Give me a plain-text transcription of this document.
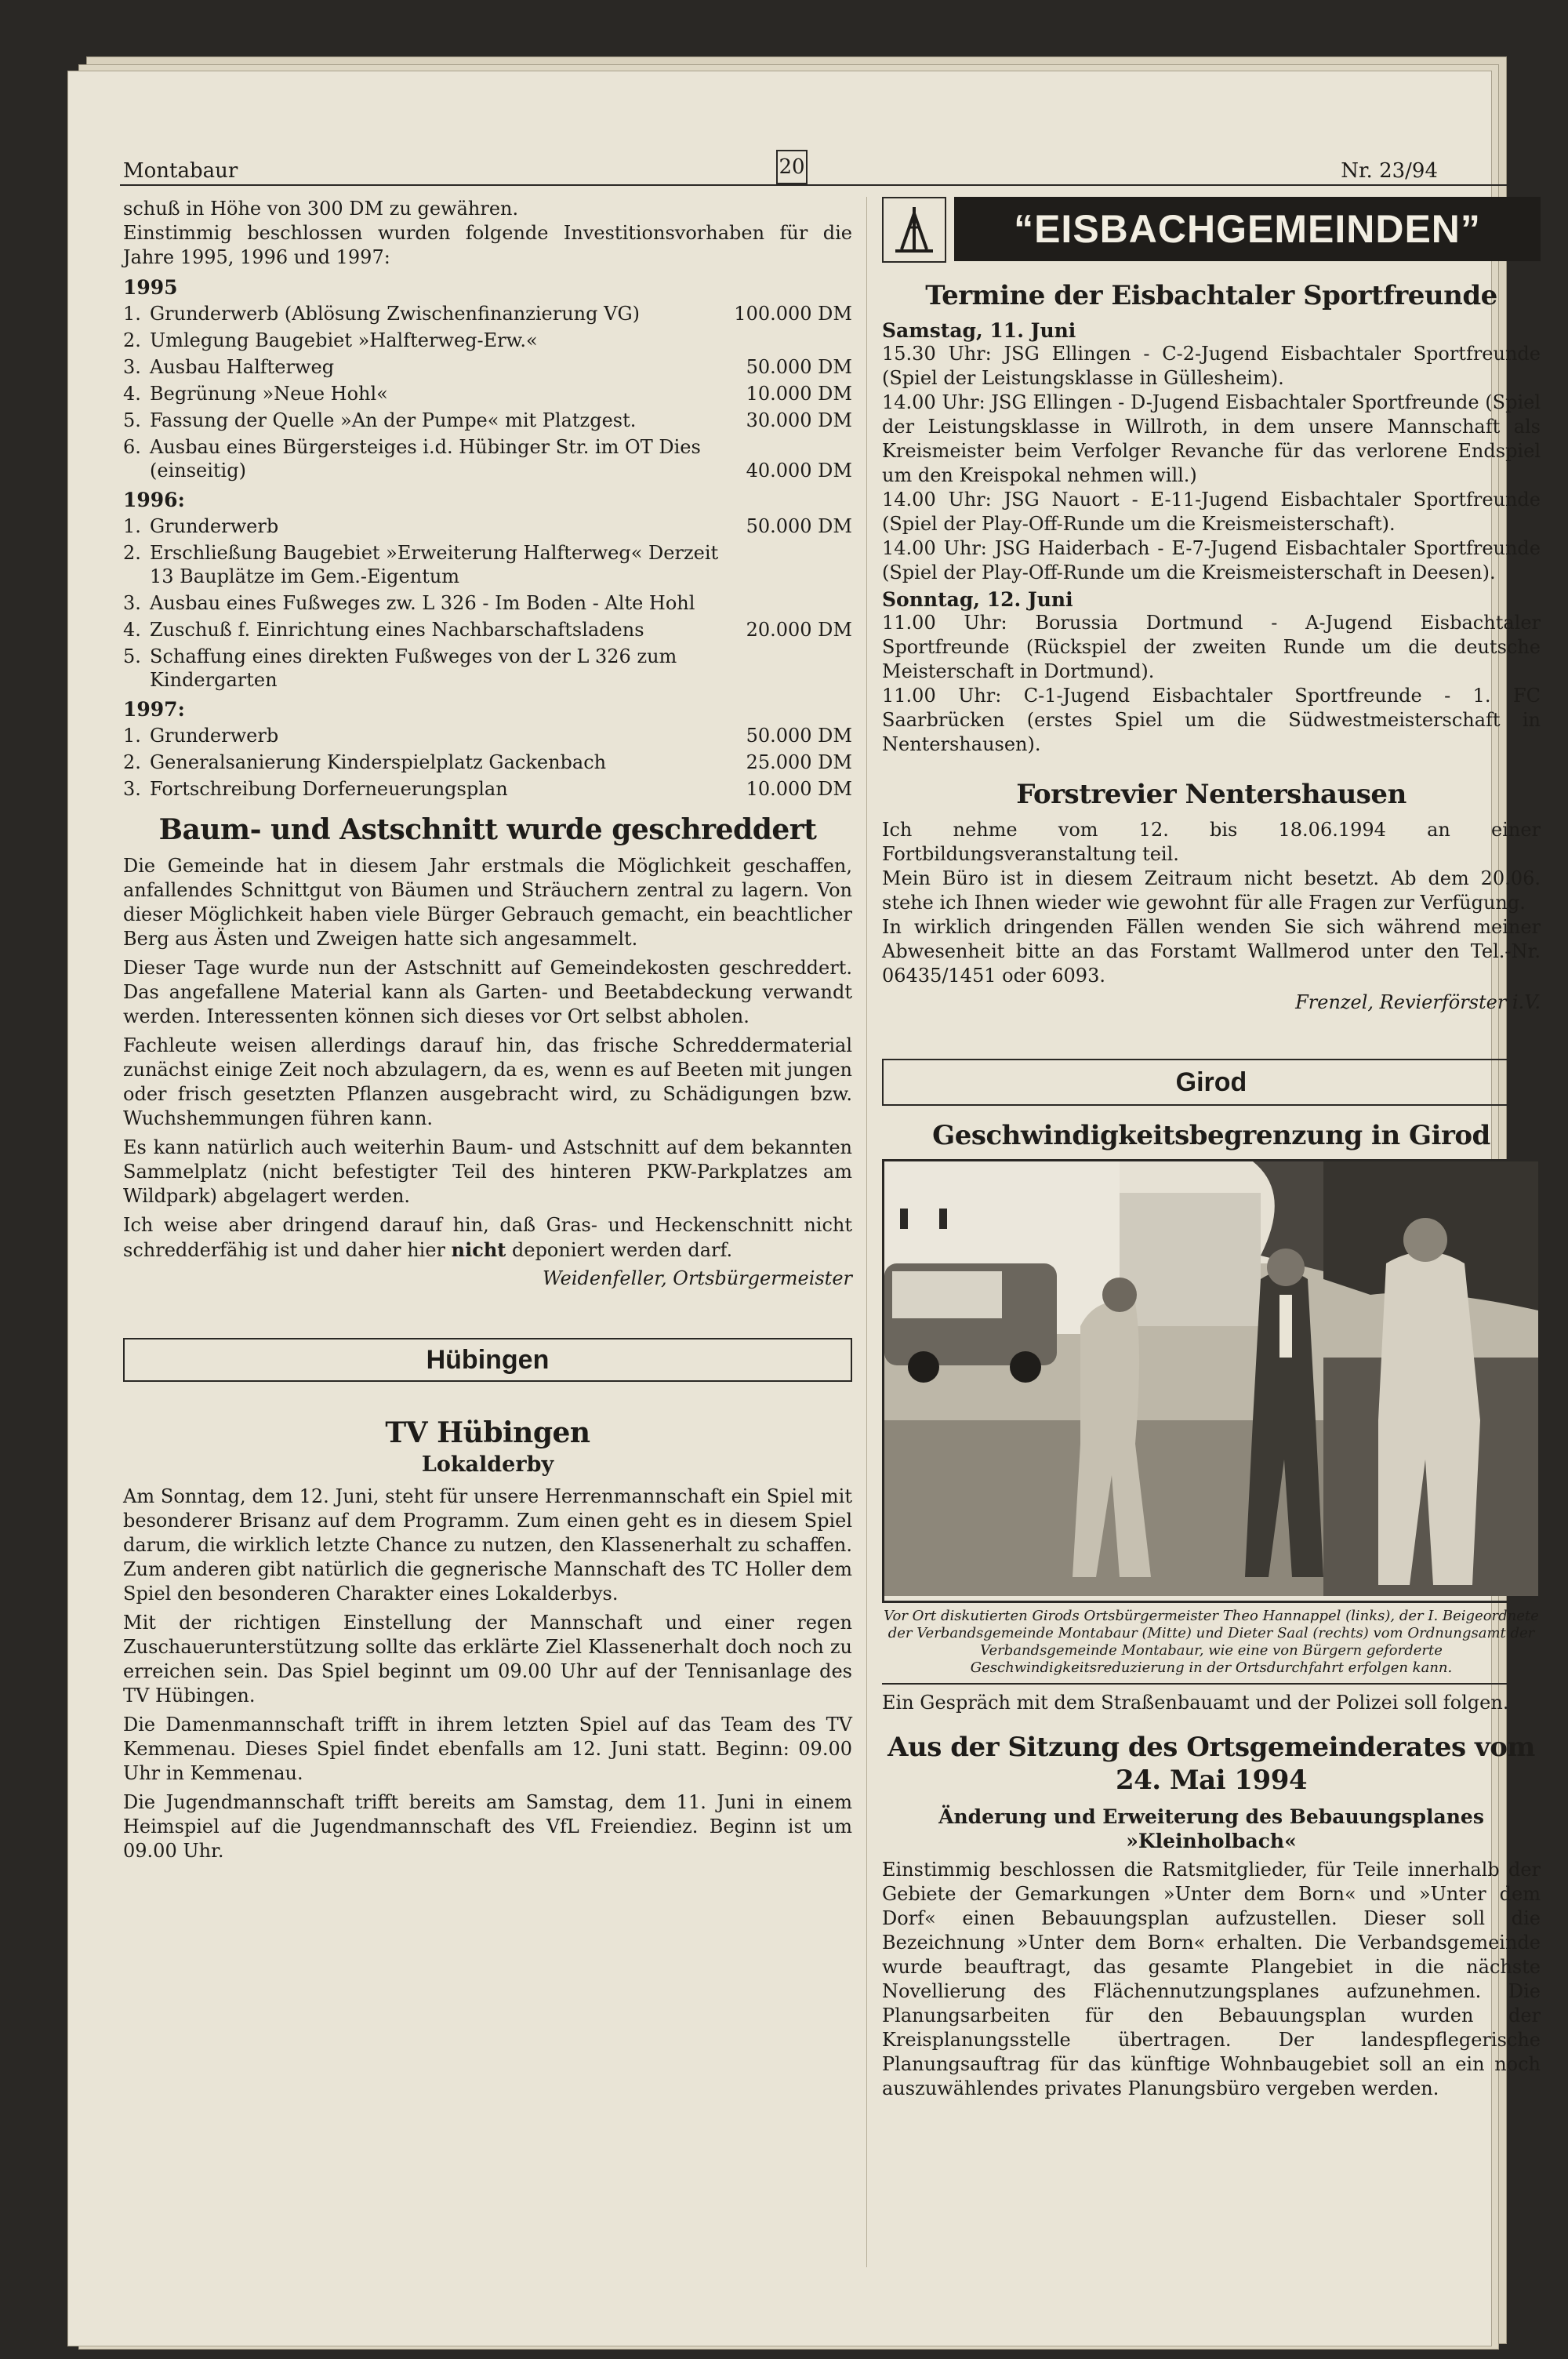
Montabaur	20	Nr. 23/94
schuß in Höhe von 300 DM zu gewähren.
Einstimmig beschlossen wurden folgende Investitionsvorhaben für die Jahre 1995, 1996 und 1997:
1995
1. Grunderwerb (Ablösung Zwischenfinanzierung VG)	100.000 DM
2. Umlegung Baugebiet »Halfterweg-Erw.«
3. Ausbau Halfterweg	50.000 DM
4. Begrünung »Neue Hohl«	10.000 DM
5. Fassung der Quelle »An der Pumpe« mit Platzgest.	30.000 DM
6. Ausbau eines Bürgersteiges i.d. Hübinger Str. im OT Dies (einseitig)	40.000 DM
1996:
1. Grunderwerb	50.000 DM
2. Erschließung Baugebiet »Erweiterung Halfterweg« Derzeit 13 Bauplätze im Gem.-Eigentum
3. Ausbau eines Fußweges zw. L 326 - Im Boden - Alte Hohl
4. Zuschuß f. Einrichtung eines Nachbarschaftsladens	20.000 DM
5. Schaffung eines direkten Fußweges von der L 326 zum Kindergarten
1997:
1. Grunderwerb	50.000 DM
2. Generalsanierung Kinderspielplatz Gackenbach	25.000 DM
3. Fortschreibung Dorferneuerungsplan	10.000 DM
Baum- und Astschnitt wurde geschreddert

Die Gemeinde hat in diesem Jahr erstmals die Möglichkeit geschaffen, anfallendes Schnittgut von Bäumen und Sträuchern zentral zu lagern. Von dieser Möglichkeit haben viele Bürger Gebrauch gemacht, ein beachtlicher Berg aus Ästen und Zweigen hatte sich angesammelt.

Dieser Tage wurde nun der Astschnitt auf Gemeindekosten geschreddert. Das angefallene Material kann als Garten- und Beetabdeckung verwandt werden. Interessenten können sich dieses vor Ort selbst abholen.

Fachleute weisen allerdings darauf hin, das frische Schreddermaterial zunächst einige Zeit noch abzulagern, da es, wenn es auf Beeten mit jungen oder frisch gesetzten Pflanzen ausgebracht wird, zu Schädigungen bzw. Wuchshemmungen führen kann.

Es kann natürlich auch weiterhin Baum- und Astschnitt auf dem bekannten Sammelplatz (nicht befestigter Teil des hinteren PKW-Parkplatzes am Wildpark) abgelagert werden.

Ich weise aber dringend darauf hin, daß Gras- und Heckenschnitt nicht schredderfähig ist und daher hier nicht deponiert werden darf.

Weidenfeller, Ortsbürgermeister
Hübingen
TV Hübingen
Lokalderby

Am Sonntag, dem 12. Juni, steht für unsere Herrenmannschaft ein Spiel mit besonderer Brisanz auf dem Programm. Zum einen geht es in diesem Spiel darum, die wirklich letzte Chance zu nutzen, den Klassenerhalt zu schaffen. Zum anderen gibt natürlich die gegnerische Mannschaft des TC Holler dem Spiel den besonderen Charakter eines Lokalderbys.

Mit der richtigen Einstellung der Mannschaft und einer regen Zuschauerunterstützung sollte das erklärte Ziel Klassenerhalt doch noch zu erreichen sein. Das Spiel beginnt um 09.00 Uhr auf der Tennisanlage des TV Hübingen.

Die Damenmannschaft trifft in ihrem letzten Spiel auf das Team des TV Kemmenau. Dieses Spiel findet ebenfalls am 12. Juni statt. Beginn: 09.00 Uhr in Kemmenau.

Die Jugendmannschaft trifft bereits am Samstag, dem 11. Juni in einem Heimspiel auf die Jugendmannschaft des VfL Freiendiez. Beginn ist um 09.00 Uhr.

“EISBACHGEMEINDEN”
Termine der Eisbachtaler Sportfreunde
Samstag, 11. Juni
15.30 Uhr: JSG Ellingen - C-2-Jugend Eisbachtaler Sportfreunde (Spiel der Leistungsklasse in Güllesheim).
14.00 Uhr: JSG Ellingen - D-Jugend Eisbachtaler Sportfreunde (Spiel der Leistungsklasse in Willroth, in dem unsere Mannschaft als Kreismeister beim Verfolger Revanche für das verlorene Endspiel um den Kreispokal nehmen will.)
14.00 Uhr: JSG Nauort - E-11-Jugend Eisbachtaler Sportfreunde (Spiel der Play-Off-Runde um die Kreismeisterschaft).
14.00 Uhr: JSG Haiderbach - E-7-Jugend Eisbachtaler Sportfreunde (Spiel der Play-Off-Runde um die Kreismeisterschaft in Deesen).
Sonntag, 12. Juni
11.00 Uhr: Borussia Dortmund - A-Jugend Eisbachtaler Sportfreunde (Rückspiel der zweiten Runde um die deutsche Meisterschaft in Dortmund).
11.00 Uhr: C-1-Jugend Eisbachtaler Sportfreunde - 1. FC Saarbrücken (erstes Spiel um die Südwestmeisterschaft in Nentershausen).
Forstrevier Nentershausen
Ich nehme vom 12. bis 18.06.1994 an einer Fortbildungsveranstaltung teil.
Mein Büro ist in diesem Zeitraum nicht besetzt. Ab dem 20.06. stehe ich Ihnen wieder wie gewohnt für alle Fragen zur Verfügung.
In wirklich dringenden Fällen wenden Sie sich während meiner Abwesenheit bitte an das Forstamt Wallmerod unter den Tel.-Nr. 06435/1451 oder 6093.
Frenzel, Revierförster i.V.
Girod
Geschwindigkeitsbegrenzung in Girod
Vor Ort diskutierten Girods Ortsbürgermeister Theo Hannappel (links), der I. Beigeordnete der Verbandsgemeinde Montabaur (Mitte) und Dieter Saal (rechts) vom Ordnungsamt der Verbandsgemeinde Montabaur, wie eine von Bürgern geforderte Geschwindigkeitsreduzierung in der Ortsdurchfahrt erfolgen kann.
Ein Gespräch mit dem Straßenbauamt und der Polizei soll folgen.
Aus der Sitzung des Ortsgemeinderates vom 24. Mai 1994
Änderung und Erweiterung des Bebauungsplanes »Kleinholbach«
Einstimmig beschlossen die Ratsmitglieder, für Teile innerhalb der Gebiete der Gemarkungen »Unter dem Born« und »Unter dem Dorf« einen Bebauungsplan aufzustellen. Dieser soll die Bezeichnung »Unter dem Born« erhalten. Die Verbandsgemeinde wurde beauftragt, das gesamte Plangebiet in die nächste Novellierung des Flächennutzungsplanes aufzunehmen. Die Planungsarbeiten für den Bebauungsplan wurden der Kreisplanungsstelle übertragen. Der landespflegerische Planungsauftrag für das künftige Wohnbaugebiet soll an ein noch auszuwählendes privates Planungsbüro vergeben werden.
